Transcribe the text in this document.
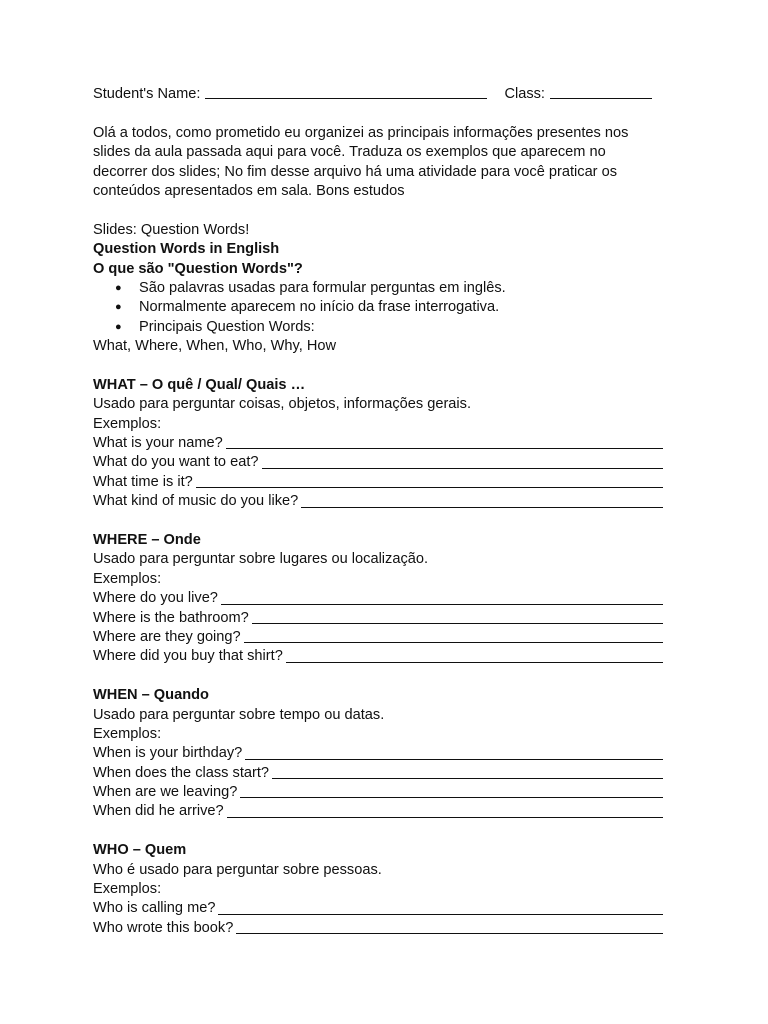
Student's Name:	Class:
Olá a todos, como prometido eu organizei as principais informações presentes nos
slides da aula passada aqui para você. Traduza os exemplos que aparecem no
decorrer dos slides; No fim desse arquivo há uma atividade para você praticar os
conteúdos apresentados em sala. Bons estudos
Slides: Question Words!
Question Words in English
O que são "Question Words"?
●	São palavras usadas para formular perguntas em inglês.
●	Normalmente aparecem no início da frase interrogativa.
●	Principais Question Words:
What, Where, When, Who, Why, How
WHAT – O quê / Qual/ Quais …
Usado para perguntar coisas, objetos, informações gerais.
Exemplos:
What is your name?
What do you want to eat?
What time is it?
What kind of music do you like?
WHERE – Onde
Usado para perguntar sobre lugares ou localização.
Exemplos:
Where do you live?
Where is the bathroom?
Where are they going?
Where did you buy that shirt?
WHEN – Quando
Usado para perguntar sobre tempo ou datas.
Exemplos:
When is your birthday?
When does the class start?
When are we leaving?
When did he arrive?
WHO – Quem
Who é usado para perguntar sobre pessoas.
Exemplos:
Who is calling me?
Who wrote this book?
